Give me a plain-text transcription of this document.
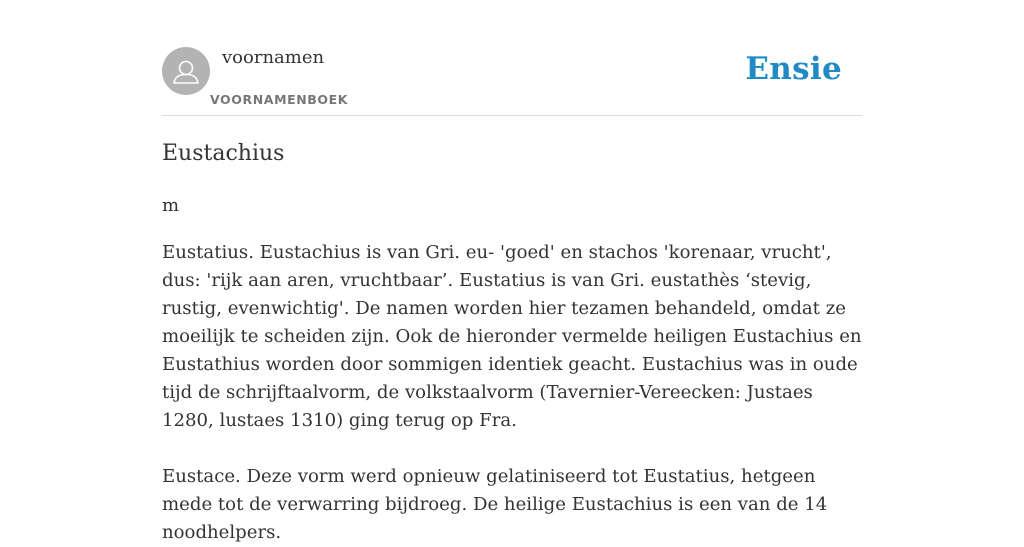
voornamen
VOORNAMENBOEK
Ensie
Eustachius
m
Eustatius. Eustachius is van Gri. eu- 'goed' en stachos 'korenaar, vrucht', dus: 'rijk aan aren, vruchtbaar’. Eustatius is van Gri. eustathès ‘stevig, rustig, evenwichtig'. De namen worden hier tezamen behandeld, omdat ze moeilijk te scheiden zijn. Ook de hieronder vermelde heiligen Eustachius en Eustathius worden door sommigen identiek geacht. Eustachius was in oude tijd de schrijftaalvorm, de volkstaalvorm (Tavernier-Vereecken: Justaes 1280, lustaes 1310) ging terug op Fra.

Eustace. Deze vorm werd opnieuw gelatiniseerd tot Eustatius, hetgeen mede tot de verwarring bijdroeg. De heilige Eustachius is een van de 14 noodhelpers.
